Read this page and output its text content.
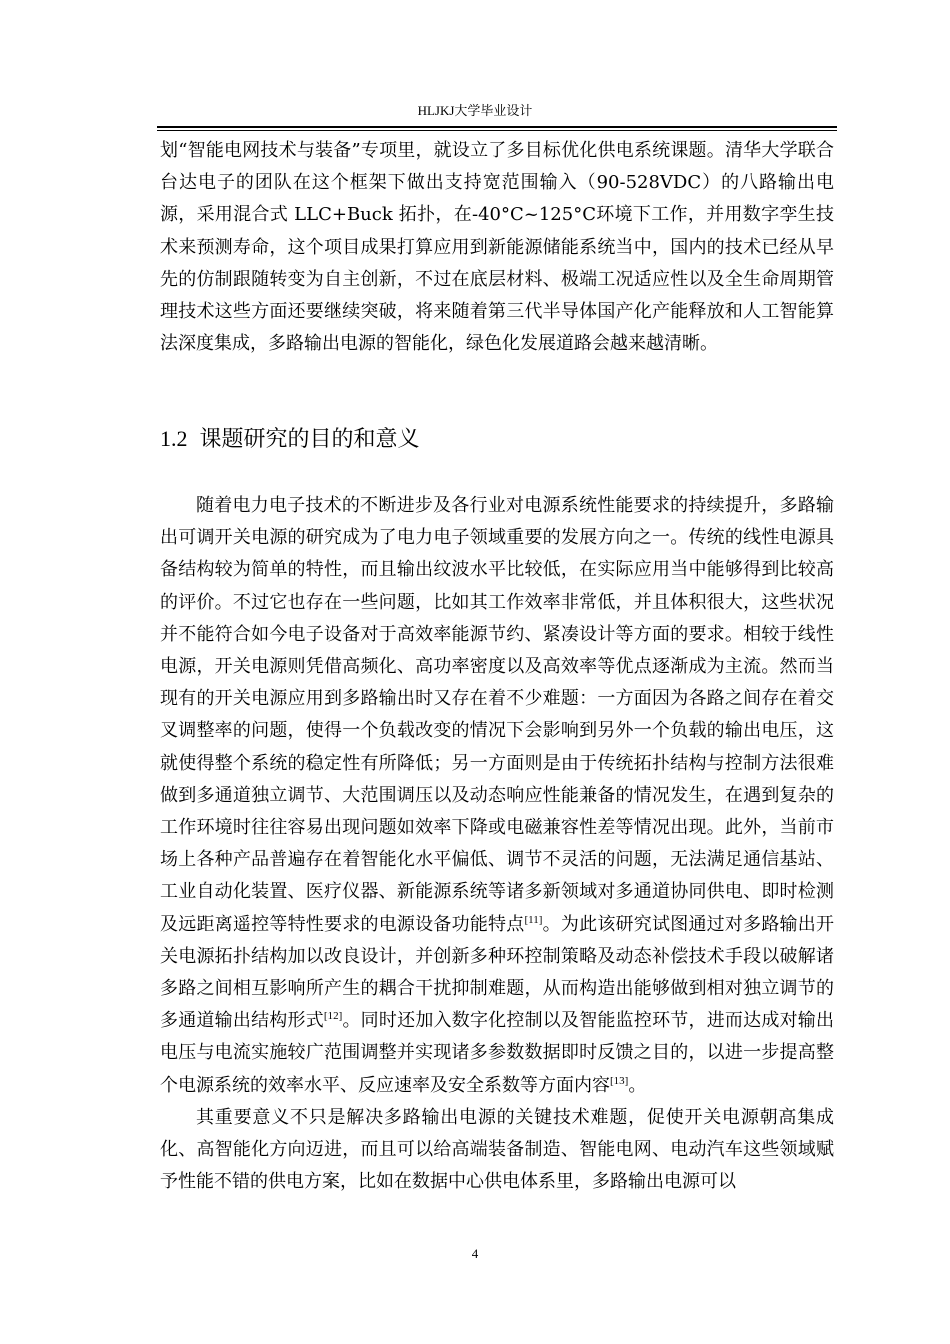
HLJKJ大学毕业设计

划“智能电网技术与装备”专项里，就设立了多目标优化供电系统课题。清华大学联合台达电子的团队在这个框架下做出支持宽范围输入（90-528VDC）的八路输出电源，采用混合式 LLC+Buck 拓扑，在-40°C~125°C环境下工作，并用数字孪生技术来预测寿命，这个项目成果打算应用到新能源储能系统当中，国内的技术已经从早先的仿制跟随转变为自主创新，不过在底层材料、极端工况适应性以及全生命周期管理技术这些方面还要继续突破，将来随着第三代半导体国产化产能释放和人工智能算法深度集成，多路输出电源的智能化，绿色化发展道路会越来越清晰。

1.2 课题研究的目的和意义

随着电力电子技术的不断进步及各行业对电源系统性能要求的持续提升，多路输出可调开关电源的研究成为了电力电子领域重要的发展方向之一。传统的线性电源具备结构较为简单的特性，而且输出纹波水平比较低，在实际应用当中能够得到比较高的评价。不过它也存在一些问题，比如其工作效率非常低，并且体积很大，这些状况并不能符合如今电子设备对于高效率能源节约、紧凑设计等方面的要求。相较于线性电源，开关电源则凭借高频化、高功率密度以及高效率等优点逐渐成为主流。然而当现有的开关电源应用到多路输出时又存在着不少难题：一方面因为各路之间存在着交叉调整率的问题，使得一个负载改变的情况下会影响到另外一个负载的输出电压，这就使得整个系统的稳定性有所降低；另一方面则是由于传统拓扑结构与控制方法很难做到多通道独立调节、大范围调压以及动态响应性能兼备的情况发生，在遇到复杂的工作环境时往往容易出现问题如效率下降或电磁兼容性差等情况出现。此外，当前市场上各种产品普遍存在着智能化水平偏低、调节不灵活的问题，无法满足通信基站、工业自动化装置、医疗仪器、新能源系统等诸多新领域对多通道协同供电、即时检测及远距离遥控等特性要求的电源设备功能特点[11]。为此该研究试图通过对多路输出开关电源拓扑结构加以改良设计，并创新多种环控制策略及动态补偿技术手段以破解诸多路之间相互影响所产生的耦合干扰抑制难题，从而构造出能够做到相对独立调节的多通道输出结构形式[12]。同时还加入数字化控制以及智能监控环节，进而达成对输出电压与电流实施较广范围调整并实现诸多参数数据即时反馈之目的，以进一步提高整个电源系统的效率水平、反应速率及安全系数等方面内容[13]。

其重要意义不只是解决多路输出电源的关键技术难题，促使开关电源朝高集成化、高智能化方向迈进，而且可以给高端装备制造、智能电网、电动汽车这些领域赋予性能不错的供电方案，比如在数据中心供电体系里，多路输出电源可以

4
